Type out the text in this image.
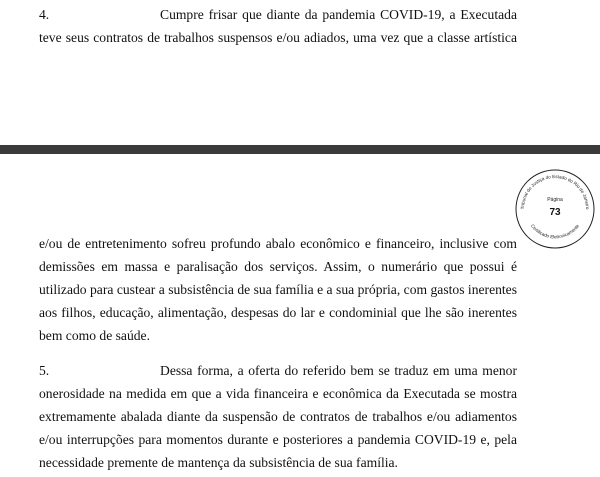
4.	Cumpre frisar que diante da pandemia COVID-19, a Executada
teve seus contratos de trabalhos suspensos e/ou adiados, uma vez que a classe artística
Tribunal de Justiça do Estado do Rio de Janeiro
Página
73
Certificado Eletronicamente
e/ou de entretenimento sofreu profundo abalo econômico e financeiro, inclusive com
demissões em massa e paralisação dos serviços. Assim, o numerário que possui é
utilizado para custear a subsistência de sua família e a sua própria, com gastos inerentes
aos filhos, educação, alimentação, despesas do lar e condominial que lhe são inerentes
bem como de saúde.
5.	Dessa forma, a oferta do referido bem se traduz em uma menor
onerosidade na medida em que a vida financeira e econômica da Executada se mostra
extremamente abalada diante da suspensão de contratos de trabalhos e/ou adiamentos
e/ou interrupções para momentos durante e posteriores a pandemia COVID-19 e, pela
necessidade premente de mantença da subsistência de sua família.
